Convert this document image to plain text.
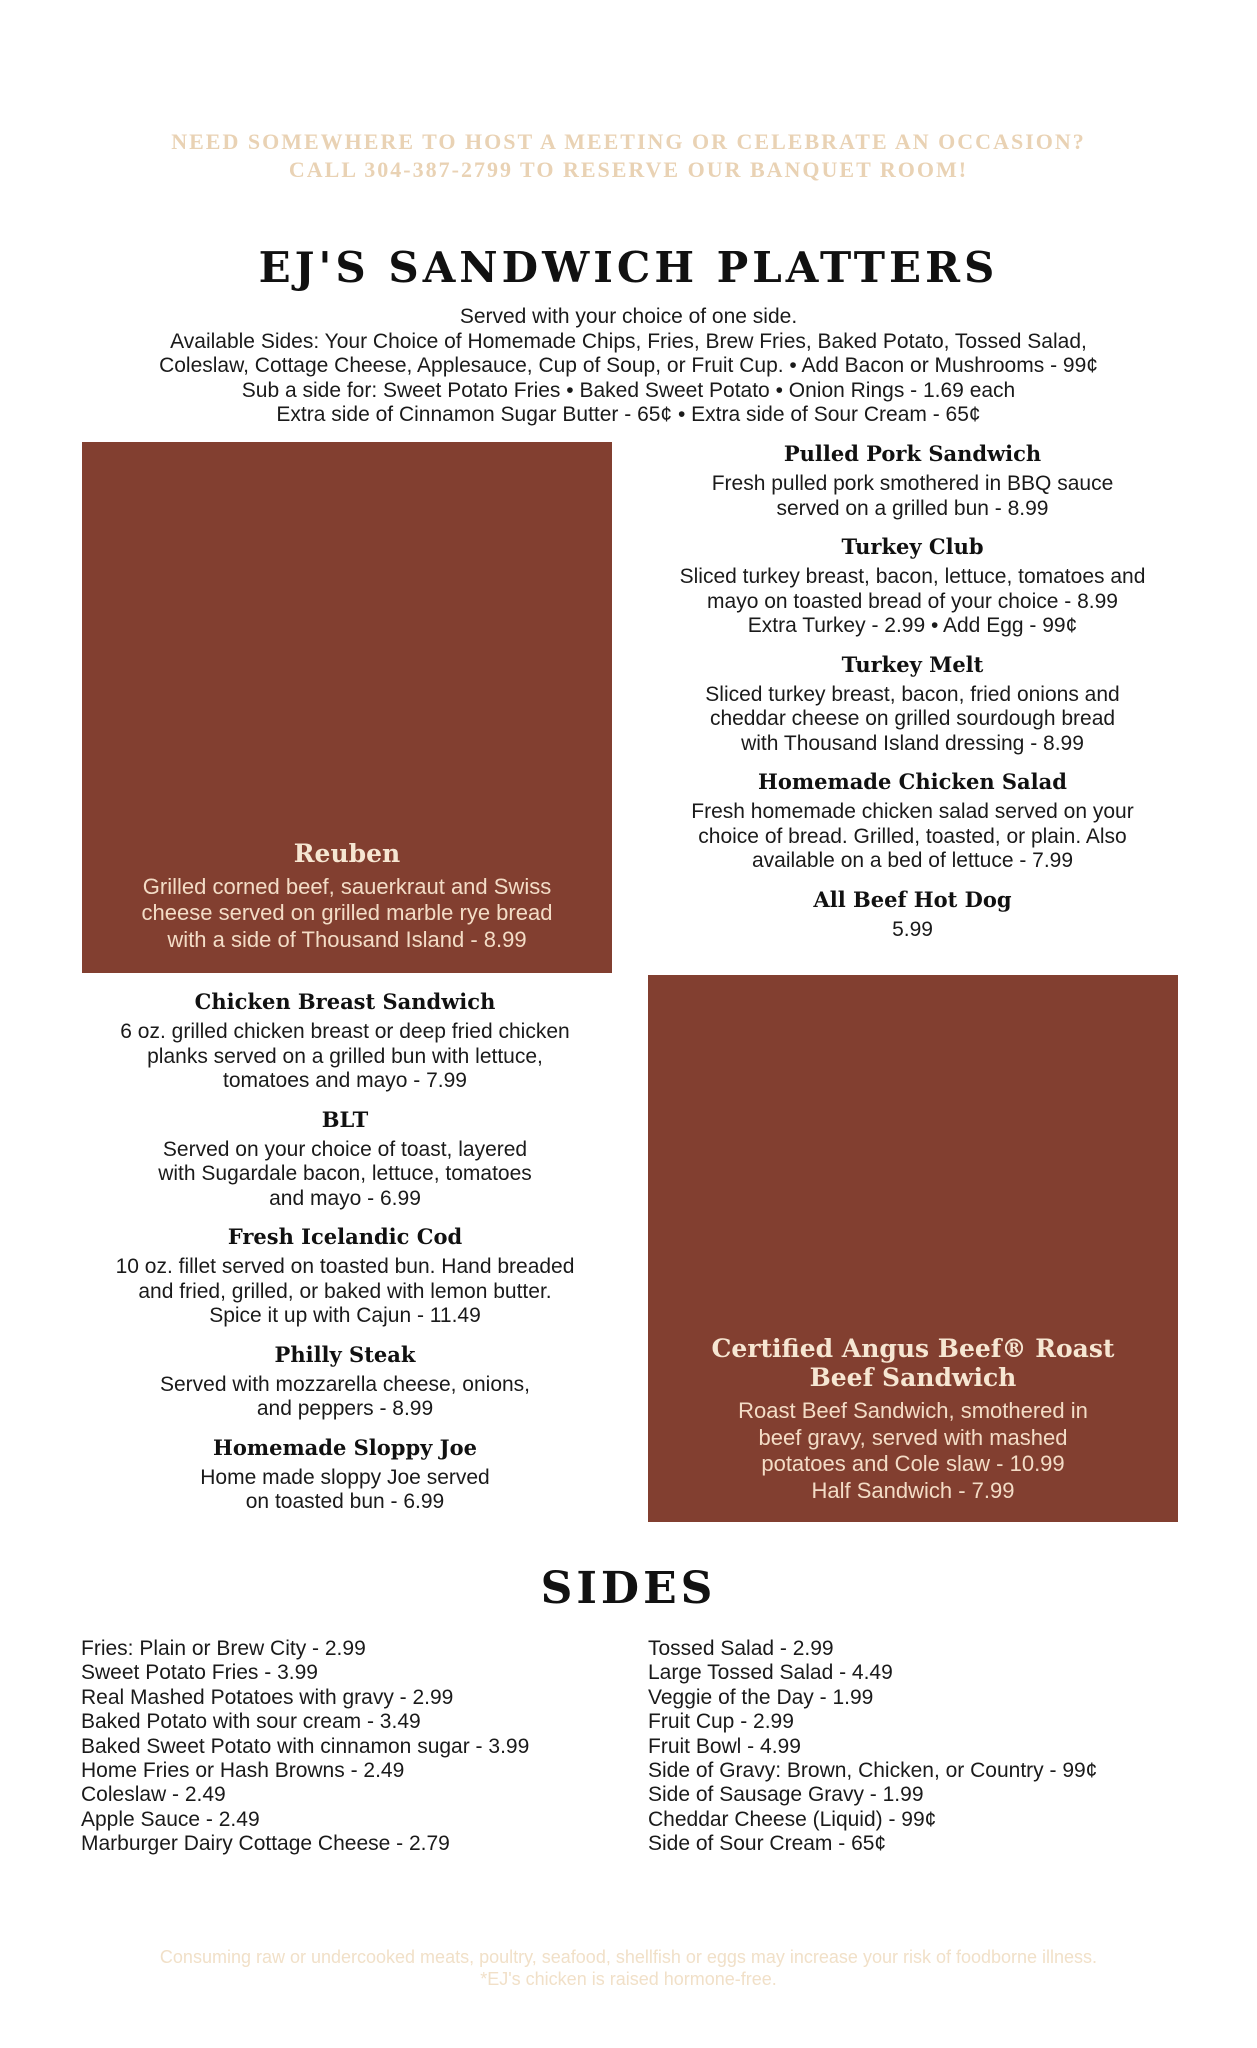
NEED SOMEWHERE TO HOST A MEETING OR CELEBRATE AN OCCASION?
CALL 304-387-2799 TO RESERVE OUR BANQUET ROOM!
EJ'S SANDWICH PLATTERS
Served with your choice of one side.
Available Sides: Your Choice of Homemade Chips, Fries, Brew Fries, Baked Potato, Tossed Salad,
Coleslaw, Cottage Cheese, Applesauce, Cup of Soup, or Fruit Cup. • Add Bacon or Mushrooms - 99¢
Sub a side for: Sweet Potato Fries • Baked Sweet Potato • Onion Rings - 1.69 each
Extra side of Cinnamon Sugar Butter - 65¢ • Extra side of Sour Cream - 65¢
Reuben
Grilled corned beef, sauerkraut and Swiss
cheese served on grilled marble rye bread
with a side of Thousand Island - 8.99
Pulled Pork Sandwich
Fresh pulled pork smothered in BBQ sauce
served on a grilled bun - 8.99
Turkey Club
Sliced turkey breast, bacon, lettuce, tomatoes and
mayo on toasted bread of your choice - 8.99
Extra Turkey - 2.99 • Add Egg - 99¢
Turkey Melt
Sliced turkey breast, bacon, fried onions and
cheddar cheese on grilled sourdough bread
with Thousand Island dressing - 8.99
Homemade Chicken Salad
Fresh homemade chicken salad served on your
choice of bread. Grilled, toasted, or plain. Also
available on a bed of lettuce - 7.99
All Beef Hot Dog
5.99
Chicken Breast Sandwich
6 oz. grilled chicken breast or deep fried chicken
planks served on a grilled bun with lettuce,
tomatoes and mayo - 7.99
BLT
Served on your choice of toast, layered
with Sugardale bacon, lettuce, tomatoes
and mayo - 6.99
Fresh Icelandic Cod
10 oz. fillet served on toasted bun. Hand breaded
and fried, grilled, or baked with lemon butter.
Spice it up with Cajun - 11.49
Philly Steak
Served with mozzarella cheese, onions,
and peppers - 8.99
Homemade Sloppy Joe
Home made sloppy Joe served
on toasted bun - 6.99
Certified Angus Beef® Roast
Beef Sandwich
Roast Beef Sandwich, smothered in
beef gravy, served with mashed
potatoes and Cole slaw - 10.99
Half Sandwich - 7.99
SIDES
Fries: Plain or Brew City - 2.99
Sweet Potato Fries - 3.99
Real Mashed Potatoes with gravy - 2.99
Baked Potato with sour cream - 3.49
Baked Sweet Potato with cinnamon sugar - 3.99
Home Fries or Hash Browns - 2.49
Coleslaw - 2.49
Apple Sauce - 2.49
Marburger Dairy Cottage Cheese - 2.79
Tossed Salad - 2.99
Large Tossed Salad - 4.49
Veggie of the Day - 1.99
Fruit Cup - 2.99
Fruit Bowl - 4.99
Side of Gravy: Brown, Chicken, or Country - 99¢
Side of Sausage Gravy - 1.99
Cheddar Cheese (Liquid) - 99¢
Side of Sour Cream - 65¢
Consuming raw or undercooked meats, poultry, seafood, shellfish or eggs may increase your risk of foodborne illness.
*EJ's chicken is raised hormone-free.
